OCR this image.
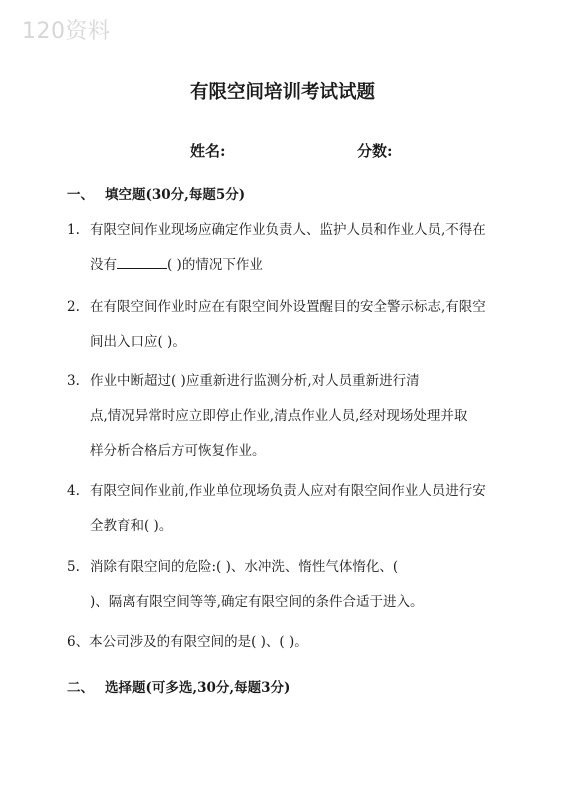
120资料
有限空间培训考试试题
姓名:	分数:
一、 填空题(30分,每题5分)
1. 有限空间作业现场应确定作业负责人、监护人员和作业人员,不得在
没有	( )的情况下作业
2. 在有限空间作业时应在有限空间外设置醒目的安全警示标志,有限空
间出入口应( )。
3. 作业中断超过( )应重新进行监测分析,对人员重新进行清
点,情况异常时应立即停止作业,清点作业人员,经对现场处理并取
样分析合格后方可恢复作业。
4. 有限空间作业前,作业单位现场负责人应对有限空间作业人员进行安
全教育和( )。
5. 消除有限空间的危险:( )、水冲洗、惰性气体惰化、(
)、隔离有限空间等等,确定有限空间的条件合适于进入。
6、本公司涉及的有限空间的是( )、( )。
二、 选择题(可多选,30分,每题3分)
